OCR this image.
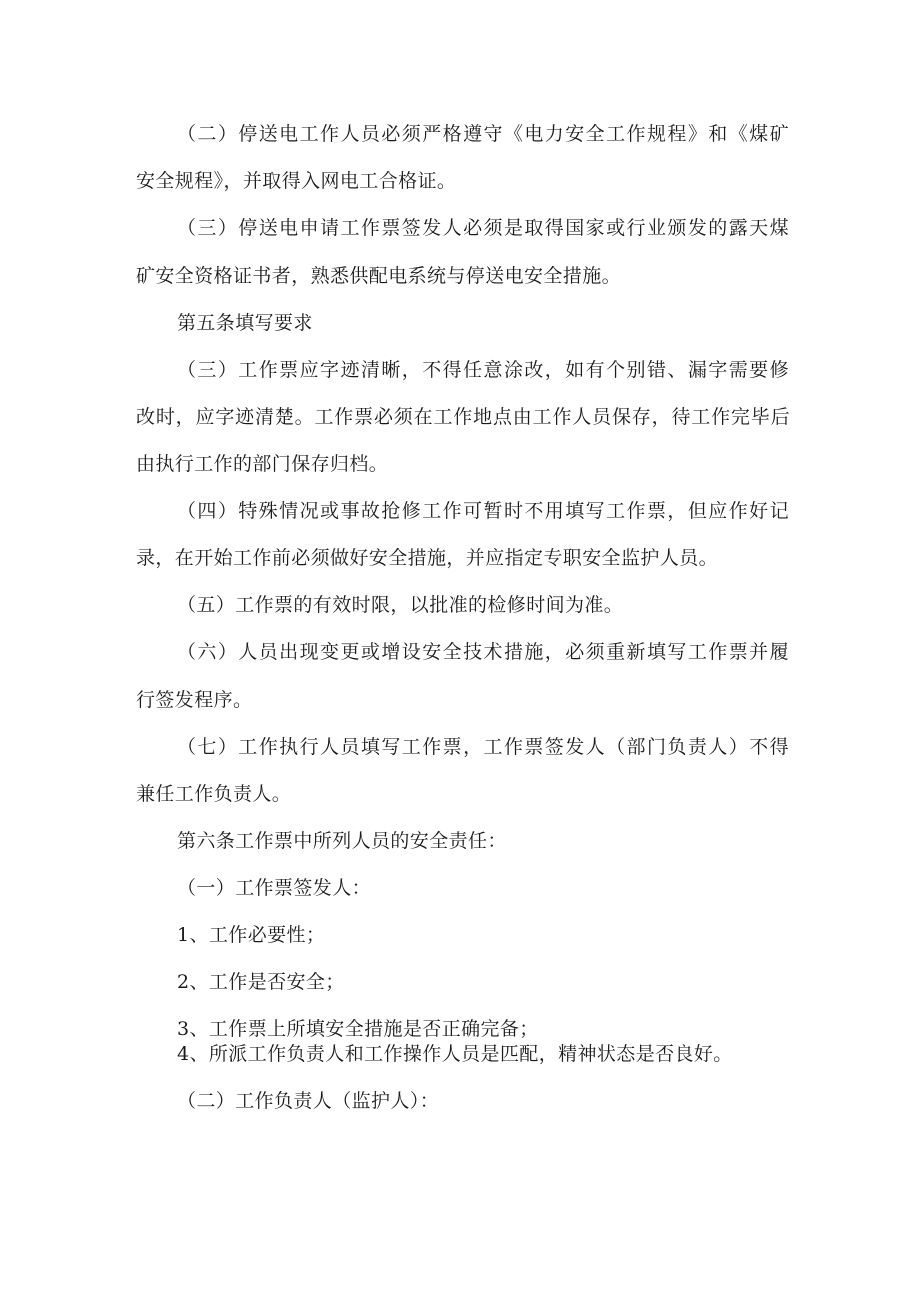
（二）停送电工作人员必须严格遵守《电力安全工作规程》和《煤矿
安全规程》，并取得入网电工合格证。
（三）停送电申请工作票签发人必须是取得国家或行业颁发的露天煤
矿安全资格证书者，熟悉供配电系统与停送电安全措施。
第五条填写要求
（三）工作票应字迹清晰，不得任意涂改，如有个别错、漏字需要修
改时，应字迹清楚。工作票必须在工作地点由工作人员保存，待工作完毕后
由执行工作的部门保存归档。
（四）特殊情况或事故抢修工作可暂时不用填写工作票，但应作好记
录，在开始工作前必须做好安全措施，并应指定专职安全监护人员。
（五）工作票的有效时限，以批准的检修时间为准。
（六）人员出现变更或增设安全技术措施，必须重新填写工作票并履
行签发程序。
（七）工作执行人员填写工作票，工作票签发人（部门负责人）不得
兼任工作负责人。
第六条工作票中所列人员的安全责任：
（一）工作票签发人：
1、工作必要性；
2、工作是否安全；
3、工作票上所填安全措施是否正确完备；
4、所派工作负责人和工作操作人员是匹配，精神状态是否良好。
（二）工作负责人（监护人）：
